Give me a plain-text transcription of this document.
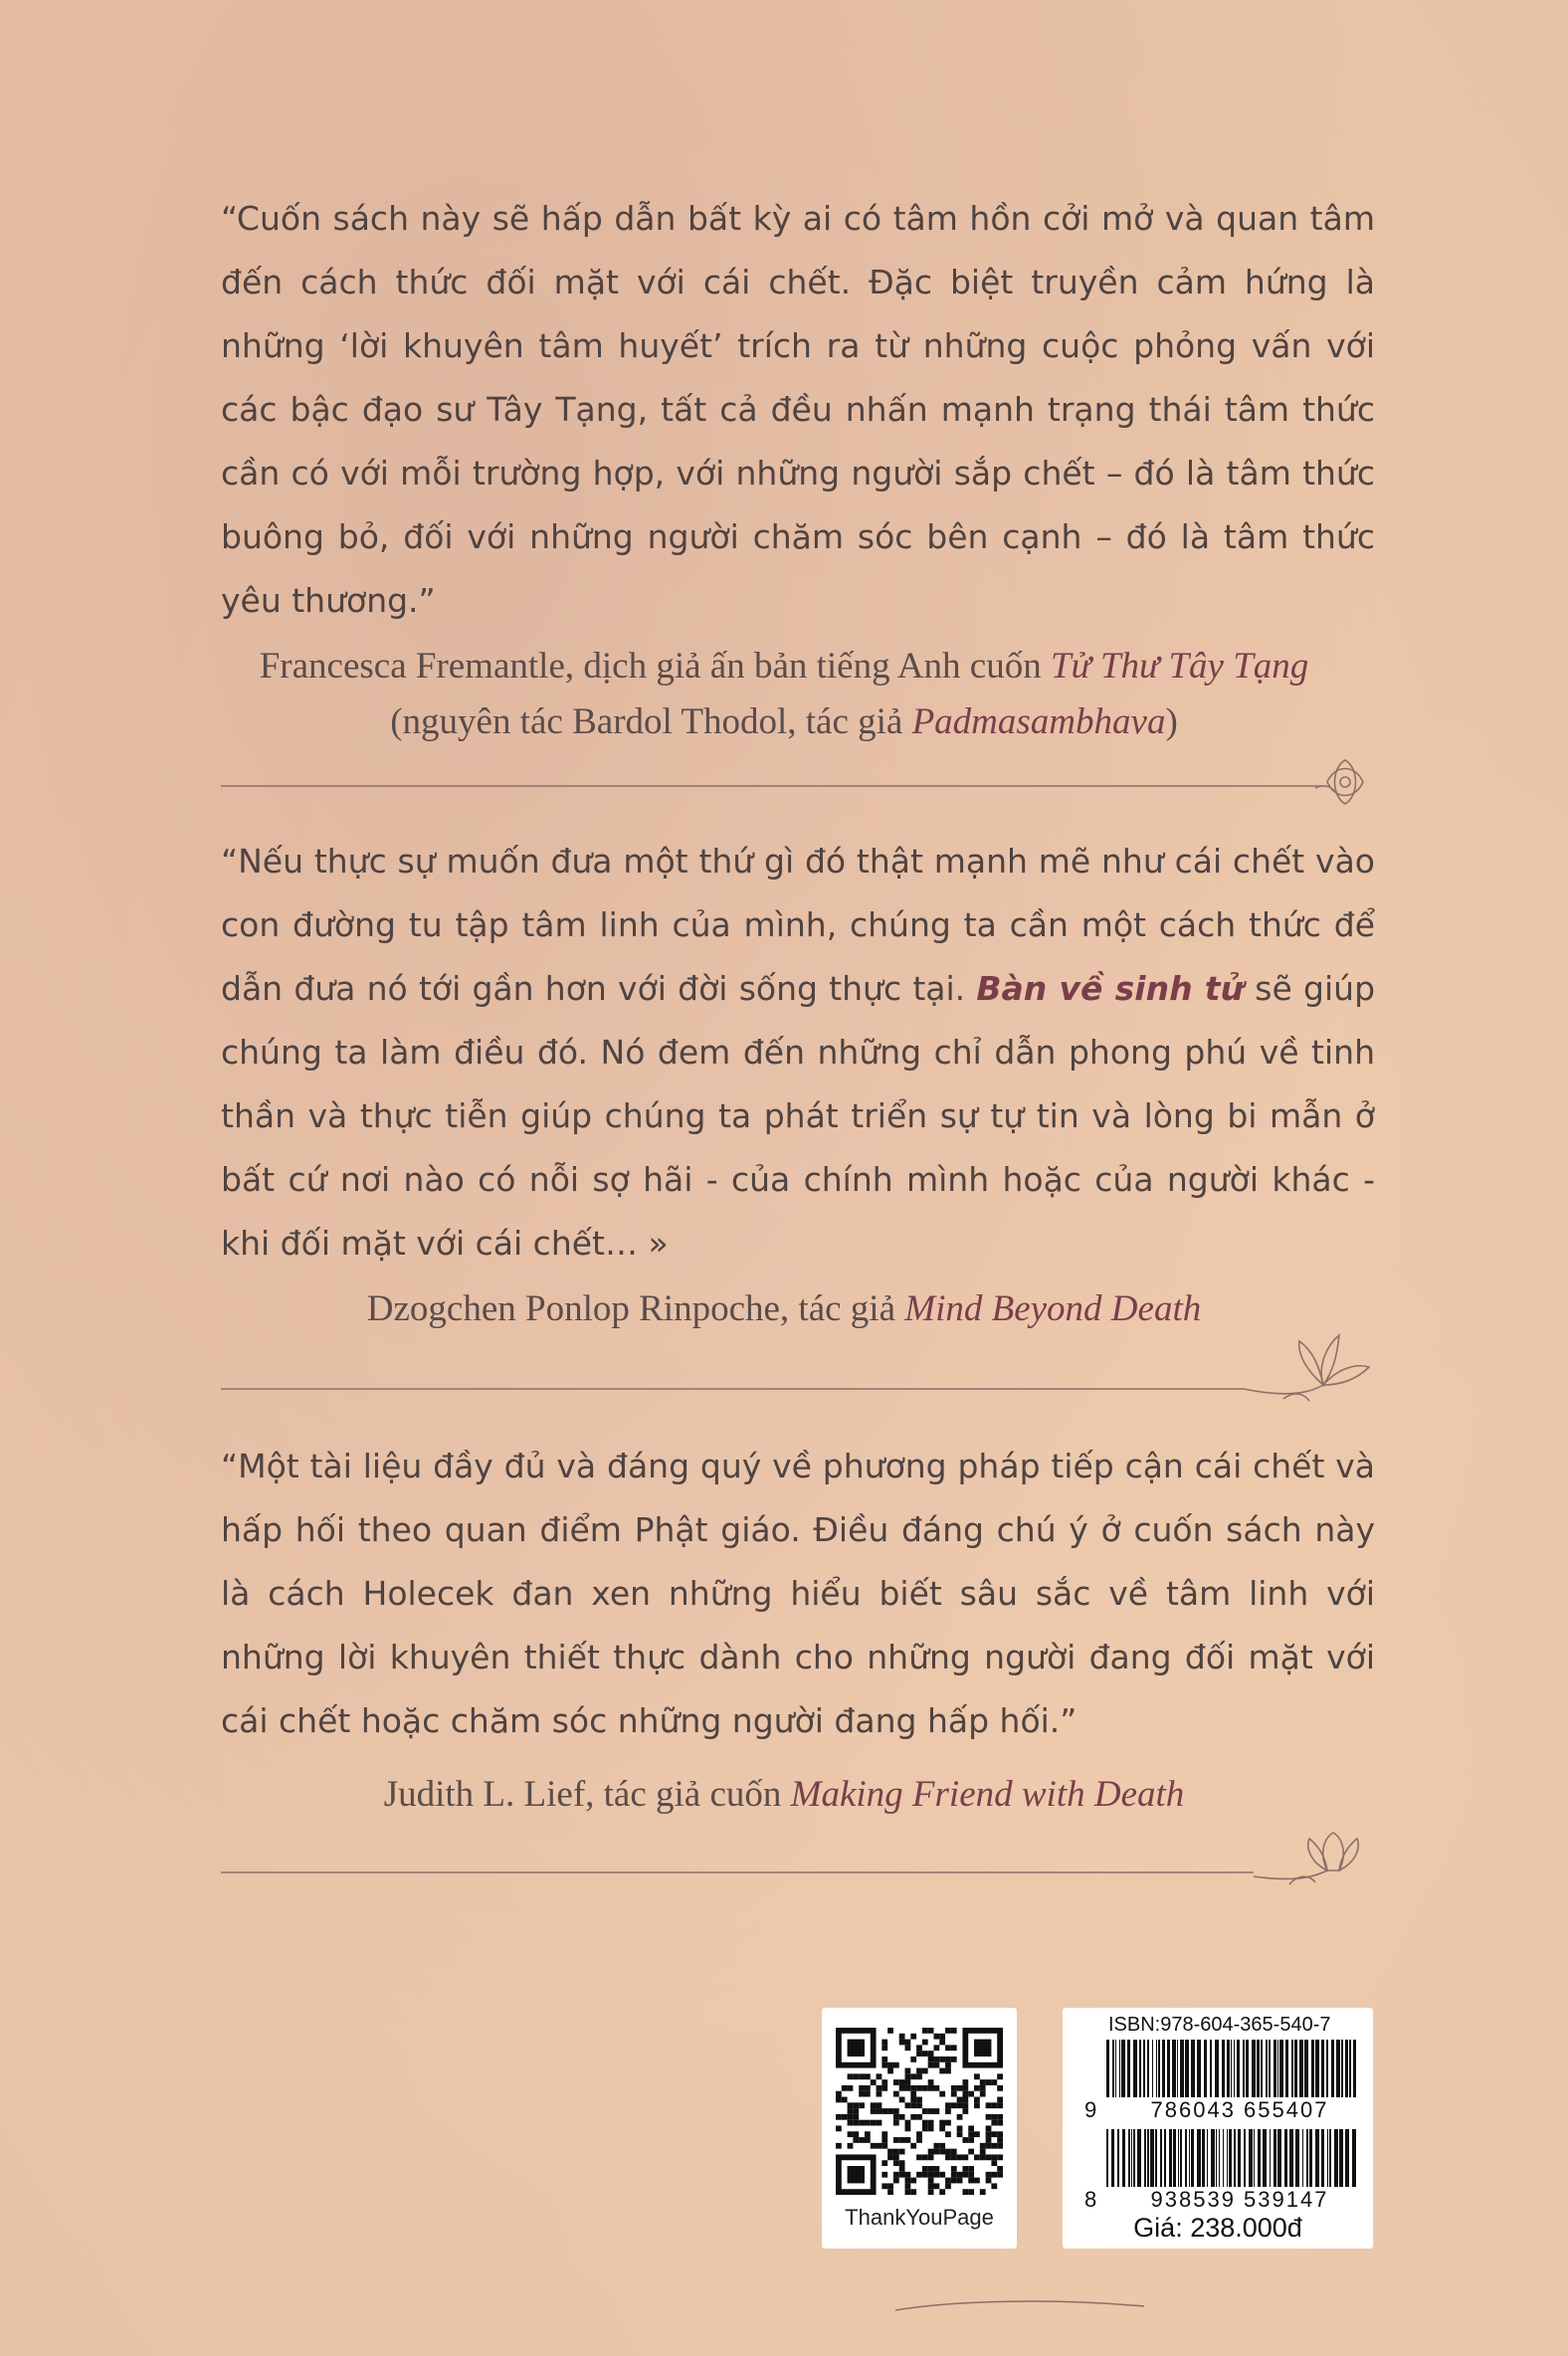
“Cuốn sách này sẽ hấp dẫn bất kỳ ai có tâm hồn cởi mở và quan tâm đến cách thức đối mặt với cái chết. Đặc biệt truyền cảm hứng là những ‘lời khuyên tâm huyết’ trích ra từ những cuộc phỏng vấn với các bậc đạo sư Tây Tạng, tất cả đều nhấn mạnh trạng thái tâm thức cần có với mỗi trường hợp, với những người sắp chết – đó là tâm thức buông bỏ, đối với những người chăm sóc bên cạnh – đó là tâm thức yêu thương.”

Francesca Fremantle, dịch giả ấn bản tiếng Anh cuốn Tử Thư Tây Tạng
(nguyên tác Bardol Thodol, tác giả Padmasambhava)

“Nếu thực sự muốn đưa một thứ gì đó thật mạnh mẽ như cái chết vào con đường tu tập tâm linh của mình, chúng ta cần một cách thức để dẫn đưa nó tới gần hơn với đời sống thực tại. Bàn về sinh tử sẽ giúp chúng ta làm điều đó. Nó đem đến những chỉ dẫn phong phú về tinh thần và thực tiễn giúp chúng ta phát triển sự tự tin và lòng bi mẫn ở bất cứ nơi nào có nỗi sợ hãi - của chính mình hoặc của người khác - khi đối mặt với cái chết… »

Dzogchen Ponlop Rinpoche, tác giả Mind Beyond Death

“Một tài liệu đầy đủ và đáng quý về phương pháp tiếp cận cái chết và hấp hối theo quan điểm Phật giáo. Điều đáng chú ý ở cuốn sách này là cách Holecek đan xen những hiểu biết sâu sắc về tâm linh với những lời khuyên thiết thực dành cho những người đang đối mặt với cái chết hoặc chăm sóc những người đang hấp hối.”

Judith L. Lief, tác giả cuốn Making Friend with Death

ThankYouPage
ISBN:978-604-365-540-7
9 786043 655407
8 938539 539147
Giá: 238.000đ
